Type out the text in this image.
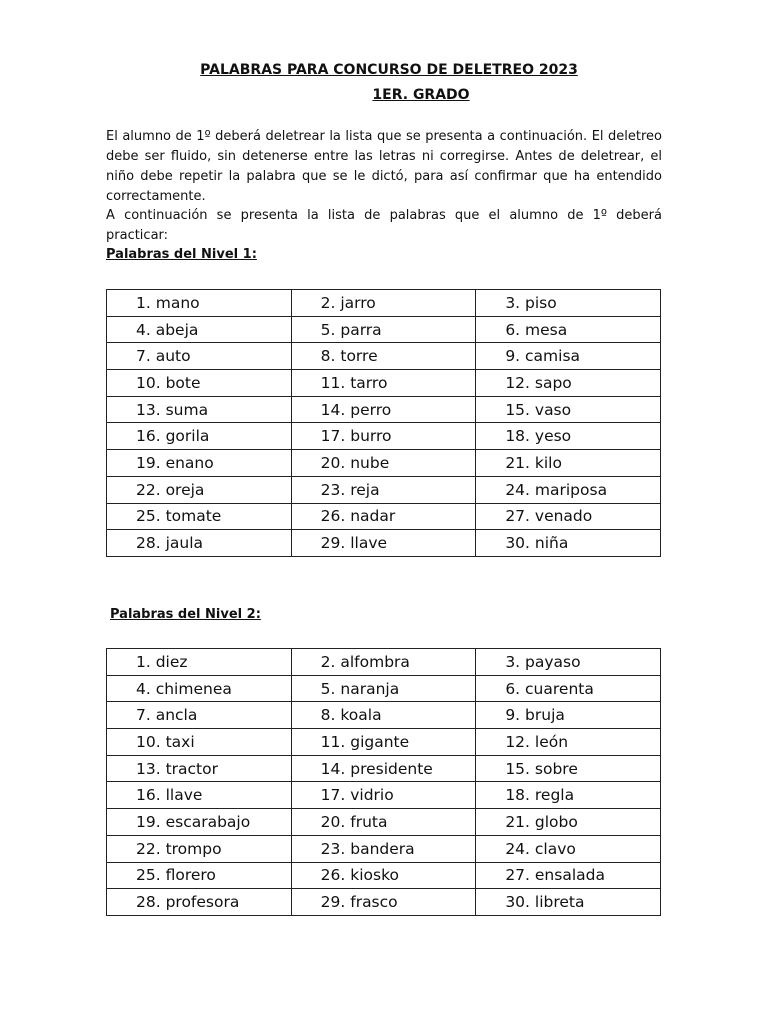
PALABRAS PARA CONCURSO DE DELETREO 2023
1ER. GRADO

El alumno de 1º deberá deletrear la lista que se presenta a continuación. El deletreo debe ser fluido, sin detenerse entre las letras ni corregirse. Antes de deletrear, el niño debe repetir la palabra que se le dictó, para así confirmar que ha entendido correctamente.

A continuación se presenta la lista de palabras que el alumno de 1º deberá practicar:

Palabras del Nivel 1:
1. mano	2. jarro	3. piso
4. abeja	5. parra	6. mesa
7. auto	8. torre	9. camisa
10. bote	11. tarro	12. sapo
13. suma	14. perro	15. vaso
16. gorila	17. burro	18. yeso
19. enano	20. nube	21. kilo
22. oreja	23. reja	24. mariposa
25. tomate	26. nadar	27. venado
28. jaula	29. llave	30. niña
Palabras del Nivel 2:
1. diez	2. alfombra	3. payaso
4. chimenea	5. naranja	6. cuarenta
7. ancla	8. koala	9. bruja
10. taxi	11. gigante	12. león
13. tractor	14. presidente	15. sobre
16. llave	17. vidrio	18. regla
19. escarabajo	20. fruta	21. globo
22. trompo	23. bandera	24. clavo
25. florero	26. kiosko	27. ensalada
28. profesora	29. frasco	30. libreta
